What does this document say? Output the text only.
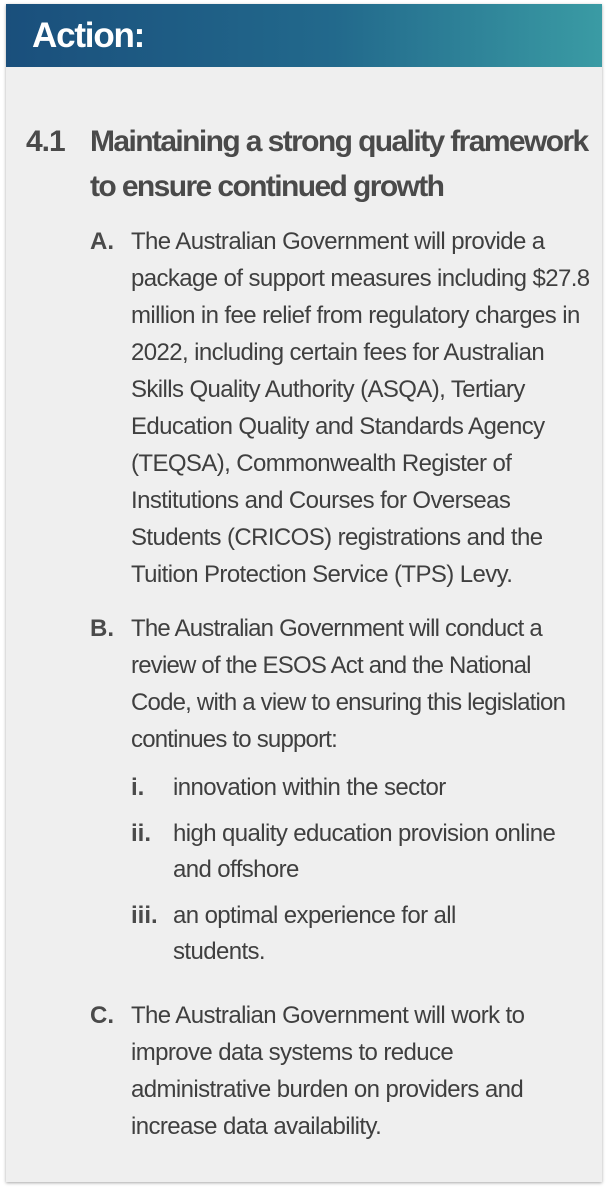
Action:
4.1 Maintaining a strong quality framework to ensure continued growth
A. The Australian Government will provide a package of support measures including $27.8 million in fee relief from regulatory charges in 2022, including certain fees for Australian Skills Quality Authority (ASQA), Tertiary Education Quality and Standards Agency (TEQSA), Commonwealth Register of Institutions and Courses for Overseas Students (CRICOS) registrations and the Tuition Protection Service (TPS) Levy.
B. The Australian Government will conduct a review of the ESOS Act and the National Code, with a view to ensuring this legislation continues to support:
i.	innovation within the sector
ii. high quality education provision online and offshore
iii. an optimal experience for all students.
C. The Australian Government will work to improve data systems to reduce administrative burden on providers and increase data availability.
